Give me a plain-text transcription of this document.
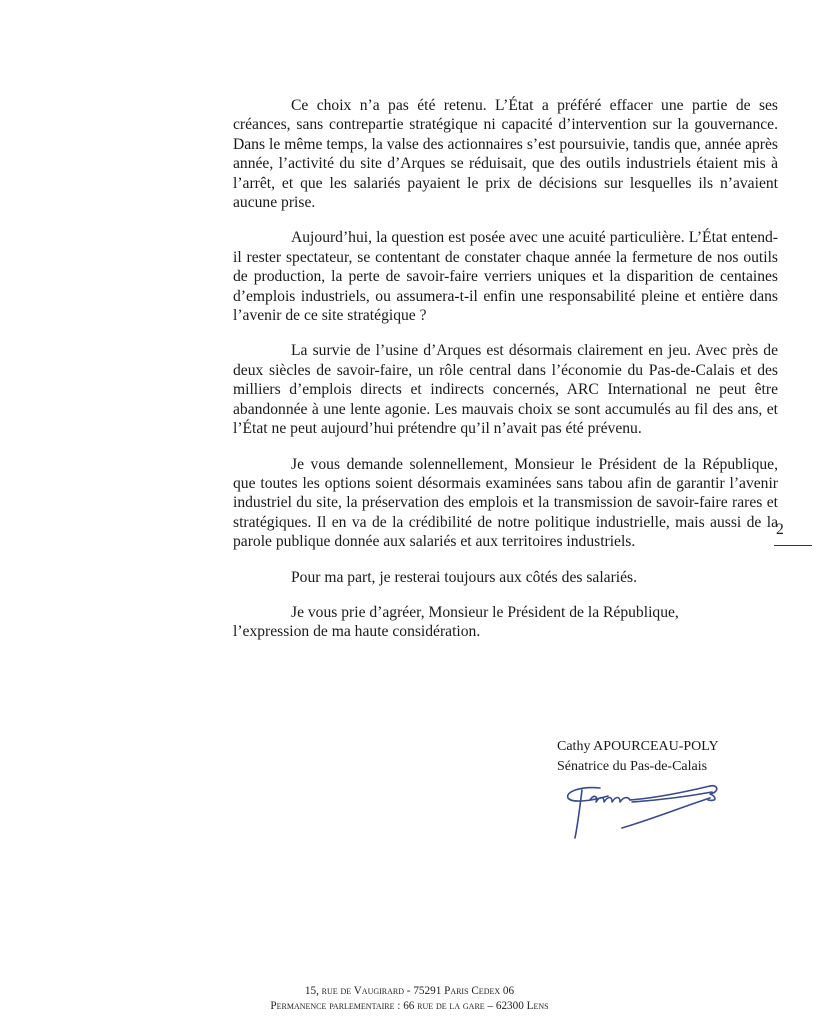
Ce choix n’a pas été retenu. L’État a préféré effacer une partie de ses créances, sans contrepartie stratégique ni capacité d’intervention sur la gouvernance. Dans le même temps, la valse des actionnaires s’est poursuivie, tandis que, année après année, l’activité du site d’Arques se réduisait, que des outils industriels étaient mis à l’arrêt, et que les salariés payaient le prix de décisions sur lesquelles ils n’avaient aucune prise.

Aujourd’hui, la question est posée avec une acuité particulière. L’État entend-il rester spectateur, se contentant de constater chaque année la fermeture de nos outils de production, la perte de savoir-faire verriers uniques et la disparition de centaines d’emplois industriels, ou assumera-t-il enfin une responsabilité pleine et entière dans l’avenir de ce site stratégique ?

La survie de l’usine d’Arques est désormais clairement en jeu. Avec près de deux siècles de savoir-faire, un rôle central dans l’économie du Pas-de-Calais et des milliers d’emplois directs et indirects concernés, ARC International ne peut être abandonnée à une lente agonie. Les mauvais choix se sont accumulés au fil des ans, et l’État ne peut aujourd’hui prétendre qu’il n’avait pas été prévenu.

Je vous demande solennellement, Monsieur le Président de la République, que toutes les options soient désormais examinées sans tabou afin de garantir l’avenir industriel du site, la préservation des emplois et la transmission de savoir-faire rares et stratégiques. Il en va de la crédibilité de notre politique industrielle, mais aussi de la parole publique donnée aux salariés et aux territoires industriels.

Pour ma part, je resterai toujours aux côtés des salariés.

Je vous prie d’agréer, Monsieur le Président de la République,
l’expression de ma haute considération.

2
Cathy APOURCEAU-POLY
Sénatrice du Pas-de-Calais
15, rue de Vaugirard - 75291 Paris Cedex 06
Permanence parlementaire : 66 rue de la gare – 62300 Lens
